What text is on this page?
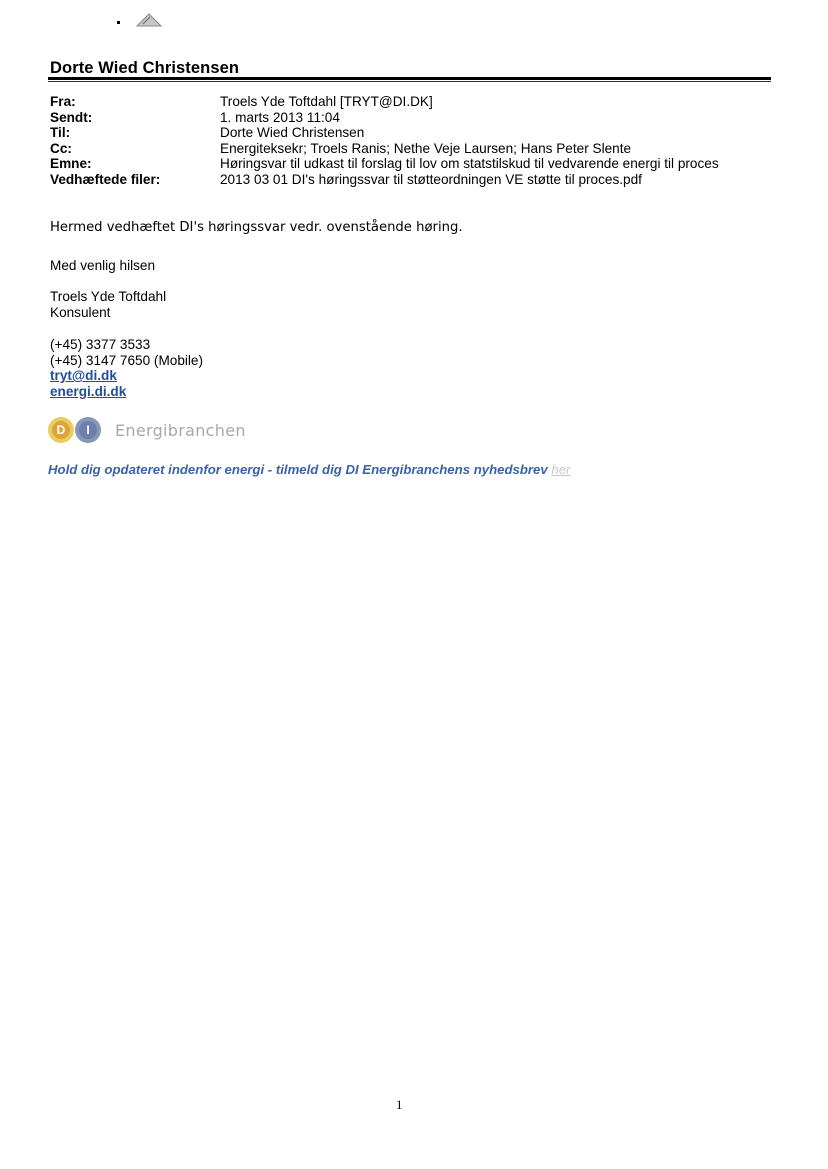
Dorte Wied Christensen
Fra:	Troels Yde Toftdahl [TRYT@DI.DK]
Sendt:	1. marts 2013 11:04
Til:	Dorte Wied Christensen
Cc:	Energiteksekr; Troels Ranis; Nethe Veje Laursen; Hans Peter Slente
Emne:	Høringsvar til udkast til forslag til lov om statstilskud til vedvarende energi til proces
Vedhæftede filer:	2013 03 01 DI's høringssvar til støtteordningen VE støtte til proces.pdf
Hermed vedhæftet DI's høringssvar vedr. ovenstående høring.
Med venlig hilsen
Troels Yde Toftdahl
Konsulent
(+45) 3377 3533
(+45) 3147 7650 (Mobile)
tryt@di.dk
energi.di.dk
D	I	Energibranchen
Hold dig opdateret indenfor energi - tilmeld dig DI Energibranchens nyhedsbrev her
1
